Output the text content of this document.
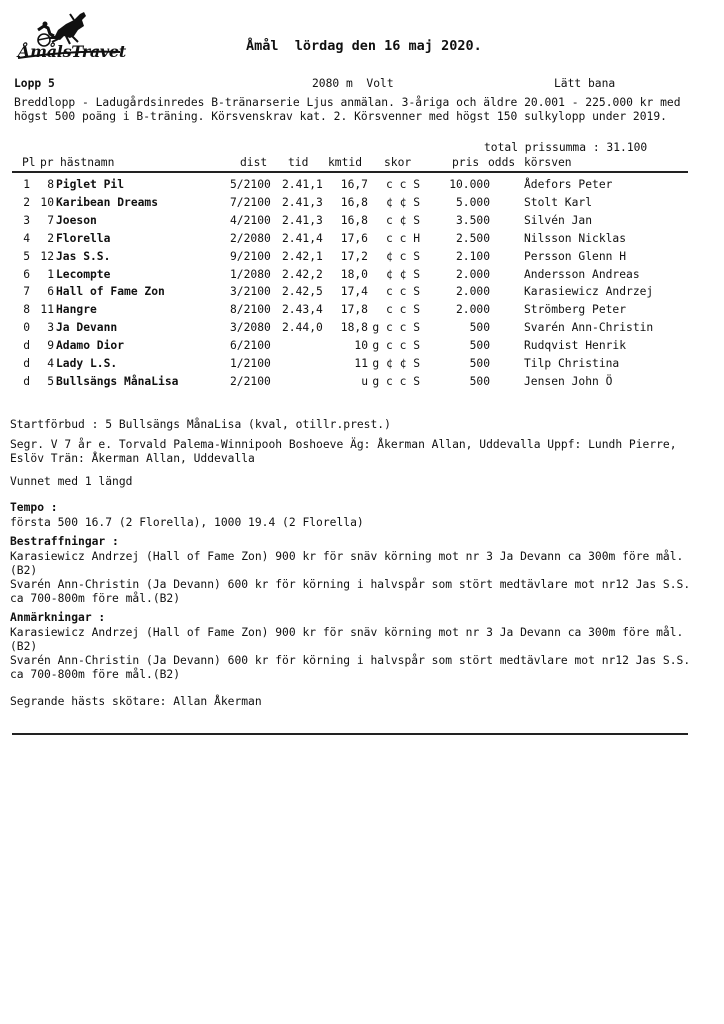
ÅmålsTravet	Åmål  lördag den 16 maj 2020.
Lopp 5	2080 m  Volt	Lätt bana
Breddlopp - Ladugårdsinredes B-tränarserie Ljus anmälan. 3-åriga och äldre 20.001 - 225.000 kr med högst 500 poäng i B-träning. Körsvenskrav kat. 2. Körsvenner med högst 150 sulkylopp under 2019.
total prissumma : 31.100
Pl pr hästnamn	dist tid kmtid skor	pris odds körsven
1	8 Piglet Pil	5/2100 2.41,1	16,7	c c S	10.000	Ådefors Peter
2 10 Karibean Dreams	7/2100 2.41,3	16,8	¢ ¢ S	5.000	Stolt Karl
3	7 Joeson	4/2100 2.41,3	16,8	c ¢ S	3.500	Silvén Jan
4	2 Florella	2/2080 2.41,4	17,6	c c H	2.500	Nilsson Nicklas
5 12 Jas S.S.	9/2100 2.42,1	17,2	¢ c S	2.100	Persson Glenn H
6	1 Lecompte	1/2080 2.42,2	18,0	¢ ¢ S	2.000	Andersson Andreas
7	6 Hall of Fame Zon	3/2100 2.42,5	17,4	c c S	2.000	Karasiewicz Andrzej
8 11 Hangre	8/2100 2.43,4	17,8	c c S	2.000	Strömberg Peter
0	3 Ja Devann	3/2080 2.44,0	18,8 g c c S	500	Svarén Ann-Christin
d	9 Adamo Dior	6/2100	10 g c c S	500	Rudqvist Henrik
d	4 Lady L.S.	1/2100	11 g ¢ ¢ S	500	Tilp Christina
d	5 Bullsängs MånaLisa	2/2100	u g c c S	500	Jensen John Ö
Startförbud : 5 Bullsängs MånaLisa (kval, otillr.prest.)
Segr. V 7 år e. Torvald Palema-Winnipooh Boshoeve Äg: Åkerman Allan, Uddevalla Uppf: Lundh Pierre, Eslöv Trän: Åkerman Allan, Uddevalla
Vunnet med 1 längd
Tempo :
första 500 16.7 (2 Florella), 1000 19.4 (2 Florella)
Bestraffningar :
Karasiewicz Andrzej (Hall of Fame Zon) 900 kr för snäv körning mot nr 3 Ja Devann ca 300m före mål.(B2)
Svarén Ann-Christin (Ja Devann) 600 kr för körning i halvspår som stört medtävlare mot nr12 Jas S.S. ca 700-800m före mål.(B2)
Anmärkningar :
Karasiewicz Andrzej (Hall of Fame Zon) 900 kr för snäv körning mot nr 3 Ja Devann ca 300m före mål.(B2)
Svarén Ann-Christin (Ja Devann) 600 kr för körning i halvspår som stört medtävlare mot nr12 Jas S.S. ca 700-800m före mål.(B2)
Segrande hästs skötare: Allan Åkerman
